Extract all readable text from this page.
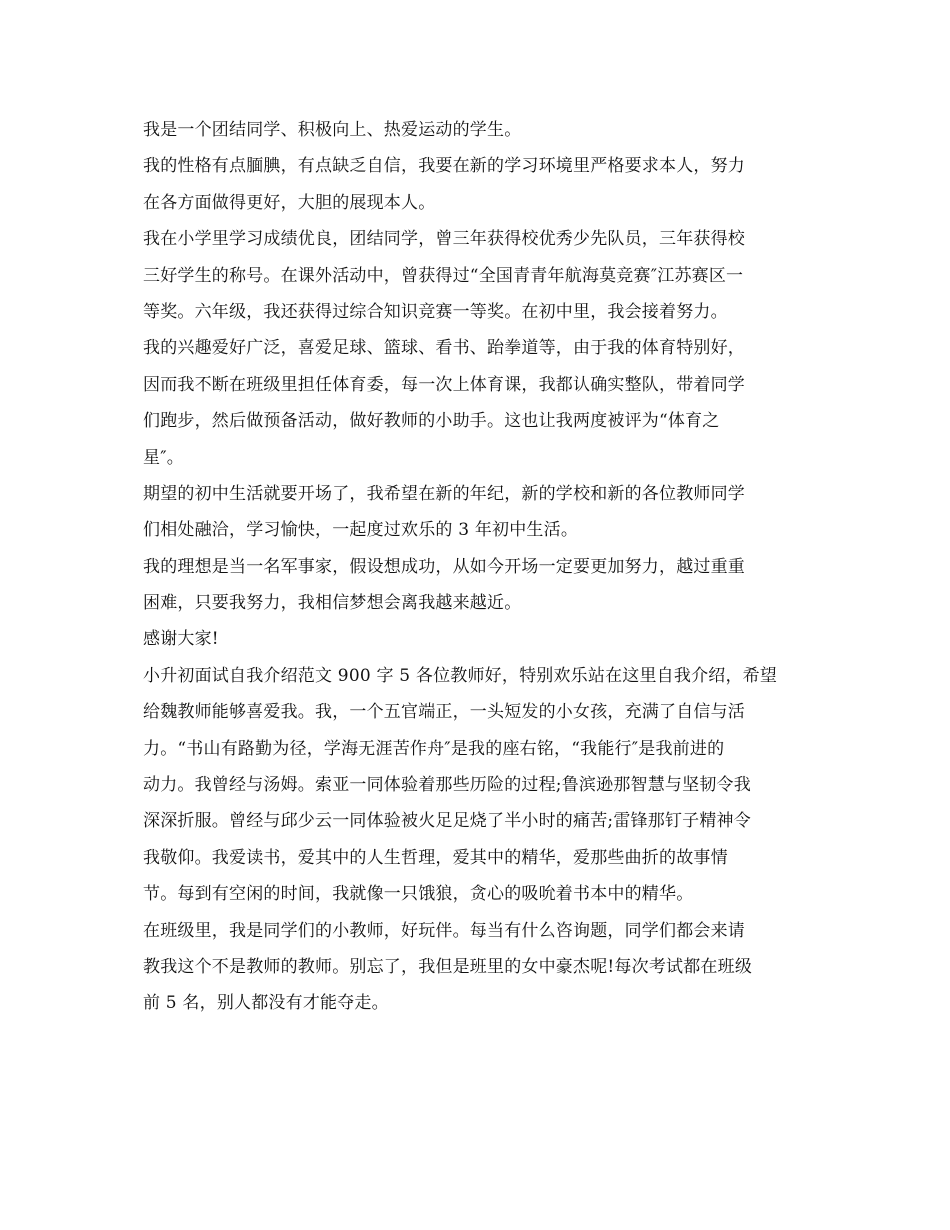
我是一个团结同学、积极向上、热爱运动的学生。
我的性格有点腼腆，有点缺乏自信，我要在新的学习环境里严格要求本人，努力
在各方面做得更好，大胆的展现本人。
我在小学里学习成绩优良，团结同学，曾三年获得校优秀少先队员，三年获得校
三好学生的称号。在课外活动中，曾获得过“全国青青年航海莫竞赛″江苏赛区一
等奖。六年级，我还获得过综合知识竞赛一等奖。在初中里，我会接着努力。
我的兴趣爱好广泛，喜爱足球、篮球、看书、跆拳道等，由于我的体育特别好，
因而我不断在班级里担任体育委，每一次上体育课，我都认确实整队，带着同学
们跑步，然后做预备活动，做好教师的小助手。这也让我两度被评为“体育之
星″。
期望的初中生活就要开场了，我希望在新的年纪，新的学校和新的各位教师同学
们相处融洽，学习愉快，一起度过欢乐的 3 年初中生活。
我的理想是当一名军事家，假设想成功，从如今开场一定要更加努力，越过重重
困难，只要我努力，我相信梦想会离我越来越近。
感谢大家!
小升初面试自我介绍范文 900 字 5 各位教师好，特别欢乐站在这里自我介绍，希望
给魏教师能够喜爱我。我，一个五官端正，一头短发的小女孩，充满了自信与活
力。“书山有路勤为径，学海无涯苦作舟″是我的座右铭，“我能行″是我前进的
动力。我曾经与汤姆。索亚一同体验着那些历险的过程;鲁滨逊那智慧与坚韧令我
深深折服。曾经与邱少云一同体验被火足足烧了半小时的痛苦;雷锋那钉子精神令
我敬仰。我爱读书，爱其中的人生哲理，爱其中的精华，爱那些曲折的故事情
节。每到有空闲的时间，我就像一只饿狼，贪心的吸吮着书本中的精华。
在班级里，我是同学们的小教师，好玩伴。每当有什么咨询题，同学们都会来请
教我这个不是教师的教师。别忘了，我但是班里的女中豪杰呢!每次考试都在班级
前 5 名，别人都没有才能夺走。
